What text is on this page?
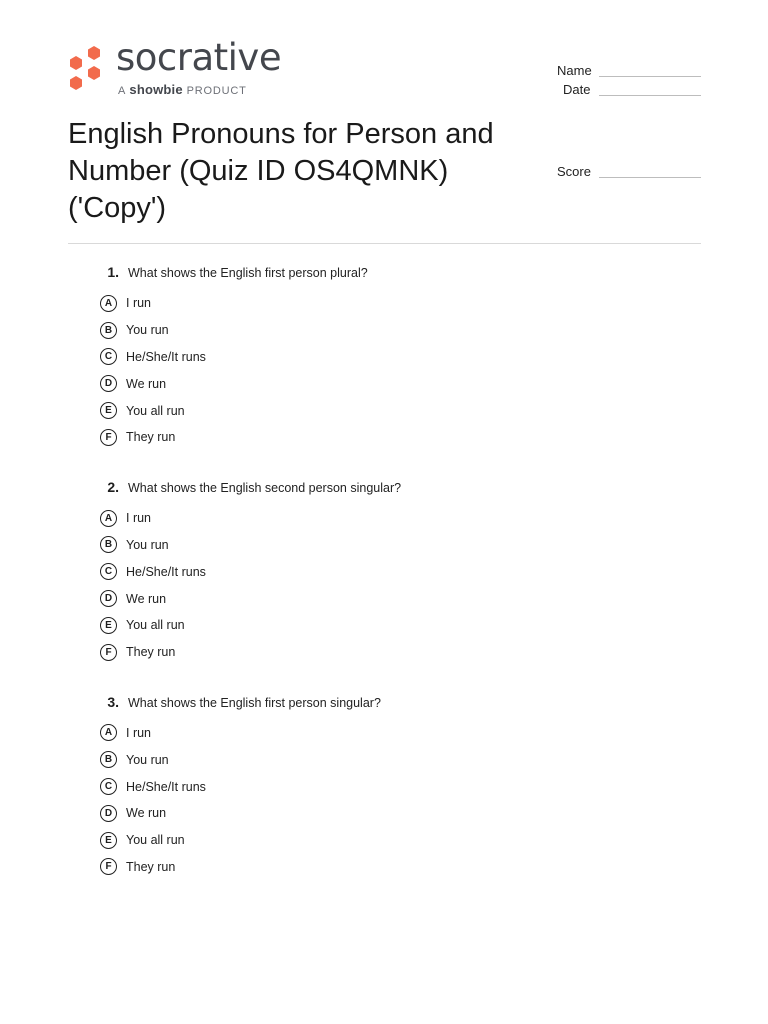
socrative
A showbie PRODUCT
Name
Date
Score
English Pronouns for Person and Number (Quiz ID OS4QMNK) ('Copy')
1. What shows the English first person plural?
A	I run
B	You run
C	He/She/It runs
D	We run
E	You all run
F	They run
2. What shows the English second person singular?
A	I run
B	You run
C	He/She/It runs
D	We run
E	You all run
F	They run
3. What shows the English first person singular?
A	I run
B	You run
C	He/She/It runs
D	We run
E	You all run
F	They run
